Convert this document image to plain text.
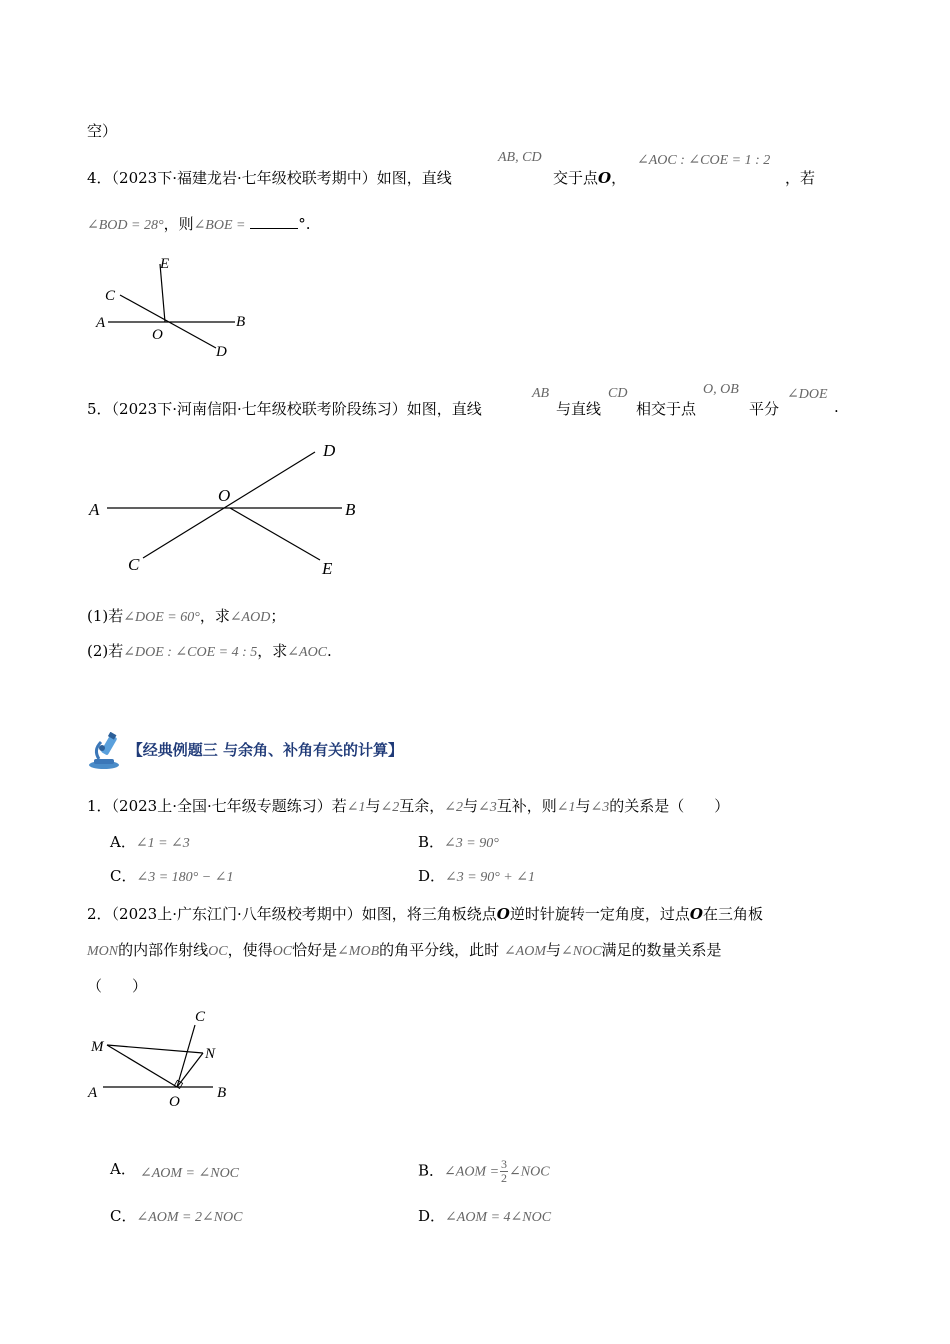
空）
4．（2023下·福建龙岩·七年级校联考期中）如图，直线
AB, CD
交于点O，
∠AOC : ∠COE = 1 : 2
，若
∠BOD = 28°，则∠BOE =	°.
A	B
C
D
E
O
5．（2023下·河南信阳·七年级校联考阶段练习）如图，直线
AB
与直线
CD
相交于点
O, OB
平分
∠DOE
.
A	B
C
D
E
O
(1)若∠DOE = 60°，求∠AOD；
(2)若∠DOE : ∠COE = 4 : 5，求∠AOC.
【经典例题三 与余角、补角有关的计算】
1．（2023上·全国·七年级专题练习）若∠1与∠2互余，∠2与∠3互补，则∠1与∠3的关系是（　　）
A．∠1 = ∠3	B．∠3 = 90°
C．∠3 = 180° − ∠1	D．∠3 = 90° + ∠1
2．（2023上·广东江门·八年级校考期中）如图，将三角板绕点O逆时针旋转一定角度，过点O在三角板
MON的内部作射线OC，使得OC恰好是∠MOB的角平分线，此时 ∠AOM与∠NOC满足的数量关系是
（　　）
A	B
C
M	N
O
A． ∠AOM = ∠NOC	B．∠AOM = $\frac{3}{2}$ ∠NOC
C．∠AOM = 2∠NOC	D．∠AOM = 4∠NOC
